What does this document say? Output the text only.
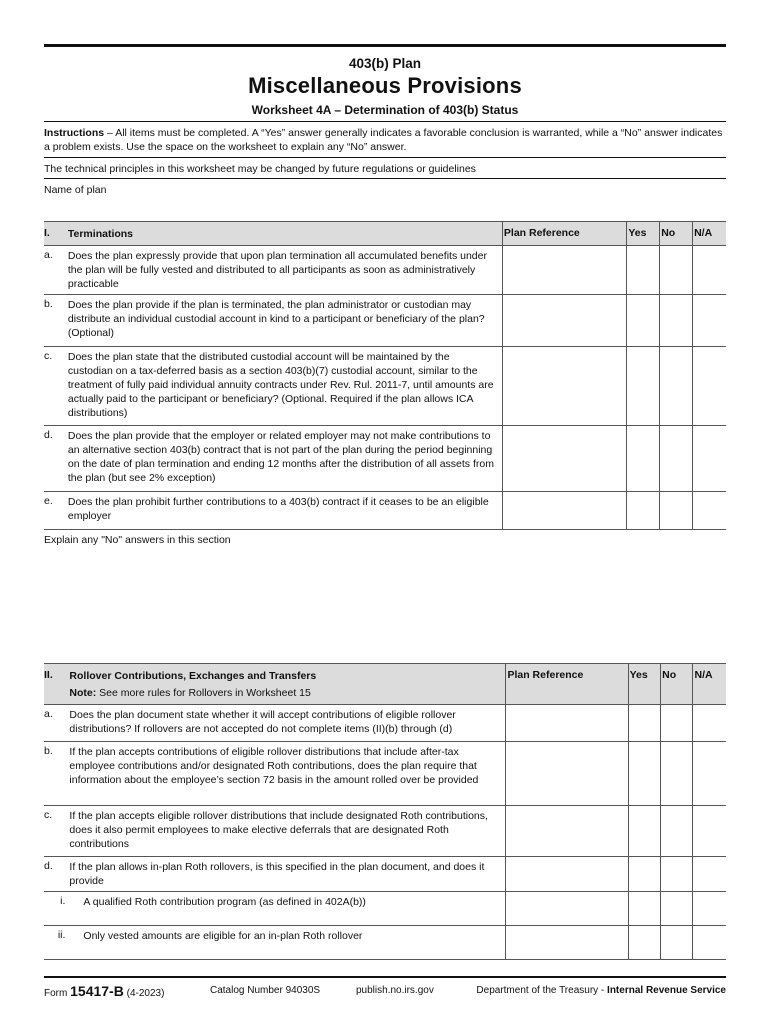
403(b) Plan
Miscellaneous Provisions
Worksheet 4A – Determination of 403(b) Status
Instructions – All items must be completed. A “Yes” answer generally indicates a favorable conclusion is warranted, while a “No” answer indicates a problem exists. Use the space on the worksheet to explain any “No” answer.
The technical principles in this worksheet may be changed by future regulations or guidelines
Name of plan
I.	Terminations	Plan Reference	Yes	No	N/A
a.	Does the plan expressly provide that upon plan termination all accumulated benefits under the plan will be fully vested and distributed to all participants as soon as administratively practicable				
b.	Does the plan provide if the plan is terminated, the plan administrator or custodian may distribute an individual custodial account in kind to a participant or beneficiary of the plan? (Optional)				
c.	Does the plan state that the distributed custodial account will be maintained by the custodian on a tax-deferred basis as a section 403(b)(7) custodial account, similar to the treatment of fully paid individual annuity contracts under Rev. Rul. 2011-7, until amounts are actually paid to the participant or beneficiary? (Optional. Required if the plan allows ICA distributions)				
d.	Does the plan provide that the employer or related employer may not make contributions to an alternative section 403(b) contract that is not part of the plan during the period beginning on the date of plan termination and ending 12 months after the distribution of all assets from the plan (but see 2% exception)				
e.	Does the plan prohibit further contributions to a 403(b) contract if it ceases to be an eligible employer				
Explain any "No" answers in this section
II.	Rollover Contributions, Exchanges and Transfers
Note: See more rules for Rollovers in Worksheet 15	Plan Reference	Yes	No	N/A
a.	Does the plan document state whether it will accept contributions of eligible rollover distributions? If rollovers are not accepted do not complete items (II)(b) through (d)				
b.	If the plan accepts contributions of eligible rollover distributions that include after-tax employee contributions and/or designated Roth contributions, does the plan require that information about the employee’s section 72 basis in the amount rolled over be provided				
c.	If the plan accepts eligible rollover distributions that include designated Roth contributions, does it also permit employees to make elective deferrals that are designated Roth contributions				
d.	If the plan allows in-plan Roth rollovers, is this specified in the plan document, and does it provide				
i.	A qualified Roth contribution program (as defined in 402A(b))				
ii.	Only vested amounts are eligible for an in-plan Roth rollover				
Form 15417-B (4-2023)	Catalog Number 94030S	publish.no.irs.gov	Department of the Treasury - Internal Revenue Service
